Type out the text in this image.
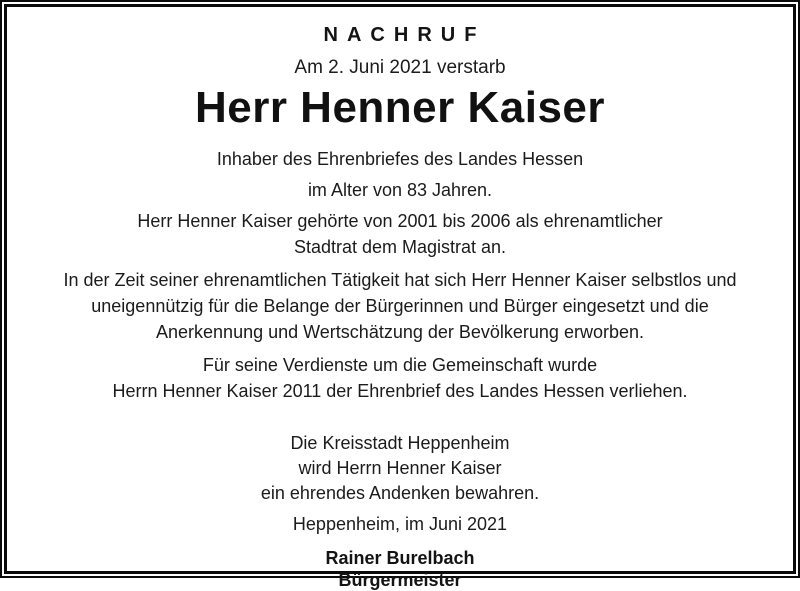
NACHRUF
Am 2. Juni 2021 verstarb
Herr Henner Kaiser
Inhaber des Ehrenbriefes des Landes Hessen
im Alter von 83 Jahren.
Herr Henner Kaiser gehörte von 2001 bis 2006 als ehrenamtlicher
Stadtrat dem Magistrat an.
In der Zeit seiner ehrenamtlichen Tätigkeit hat sich Herr Henner Kaiser selbstlos und
uneigennützig für die Belange der Bürgerinnen und Bürger eingesetzt und die
Anerkennung und Wertschätzung der Bevölkerung erworben.
Für seine Verdienste um die Gemeinschaft wurde
Herrn Henner Kaiser 2011 der Ehrenbrief des Landes Hessen verliehen.
Die Kreisstadt Heppenheim
wird Herrn Henner Kaiser
ein ehrendes Andenken bewahren.
Heppenheim, im Juni 2021
Rainer Burelbach
Bürgermeister
